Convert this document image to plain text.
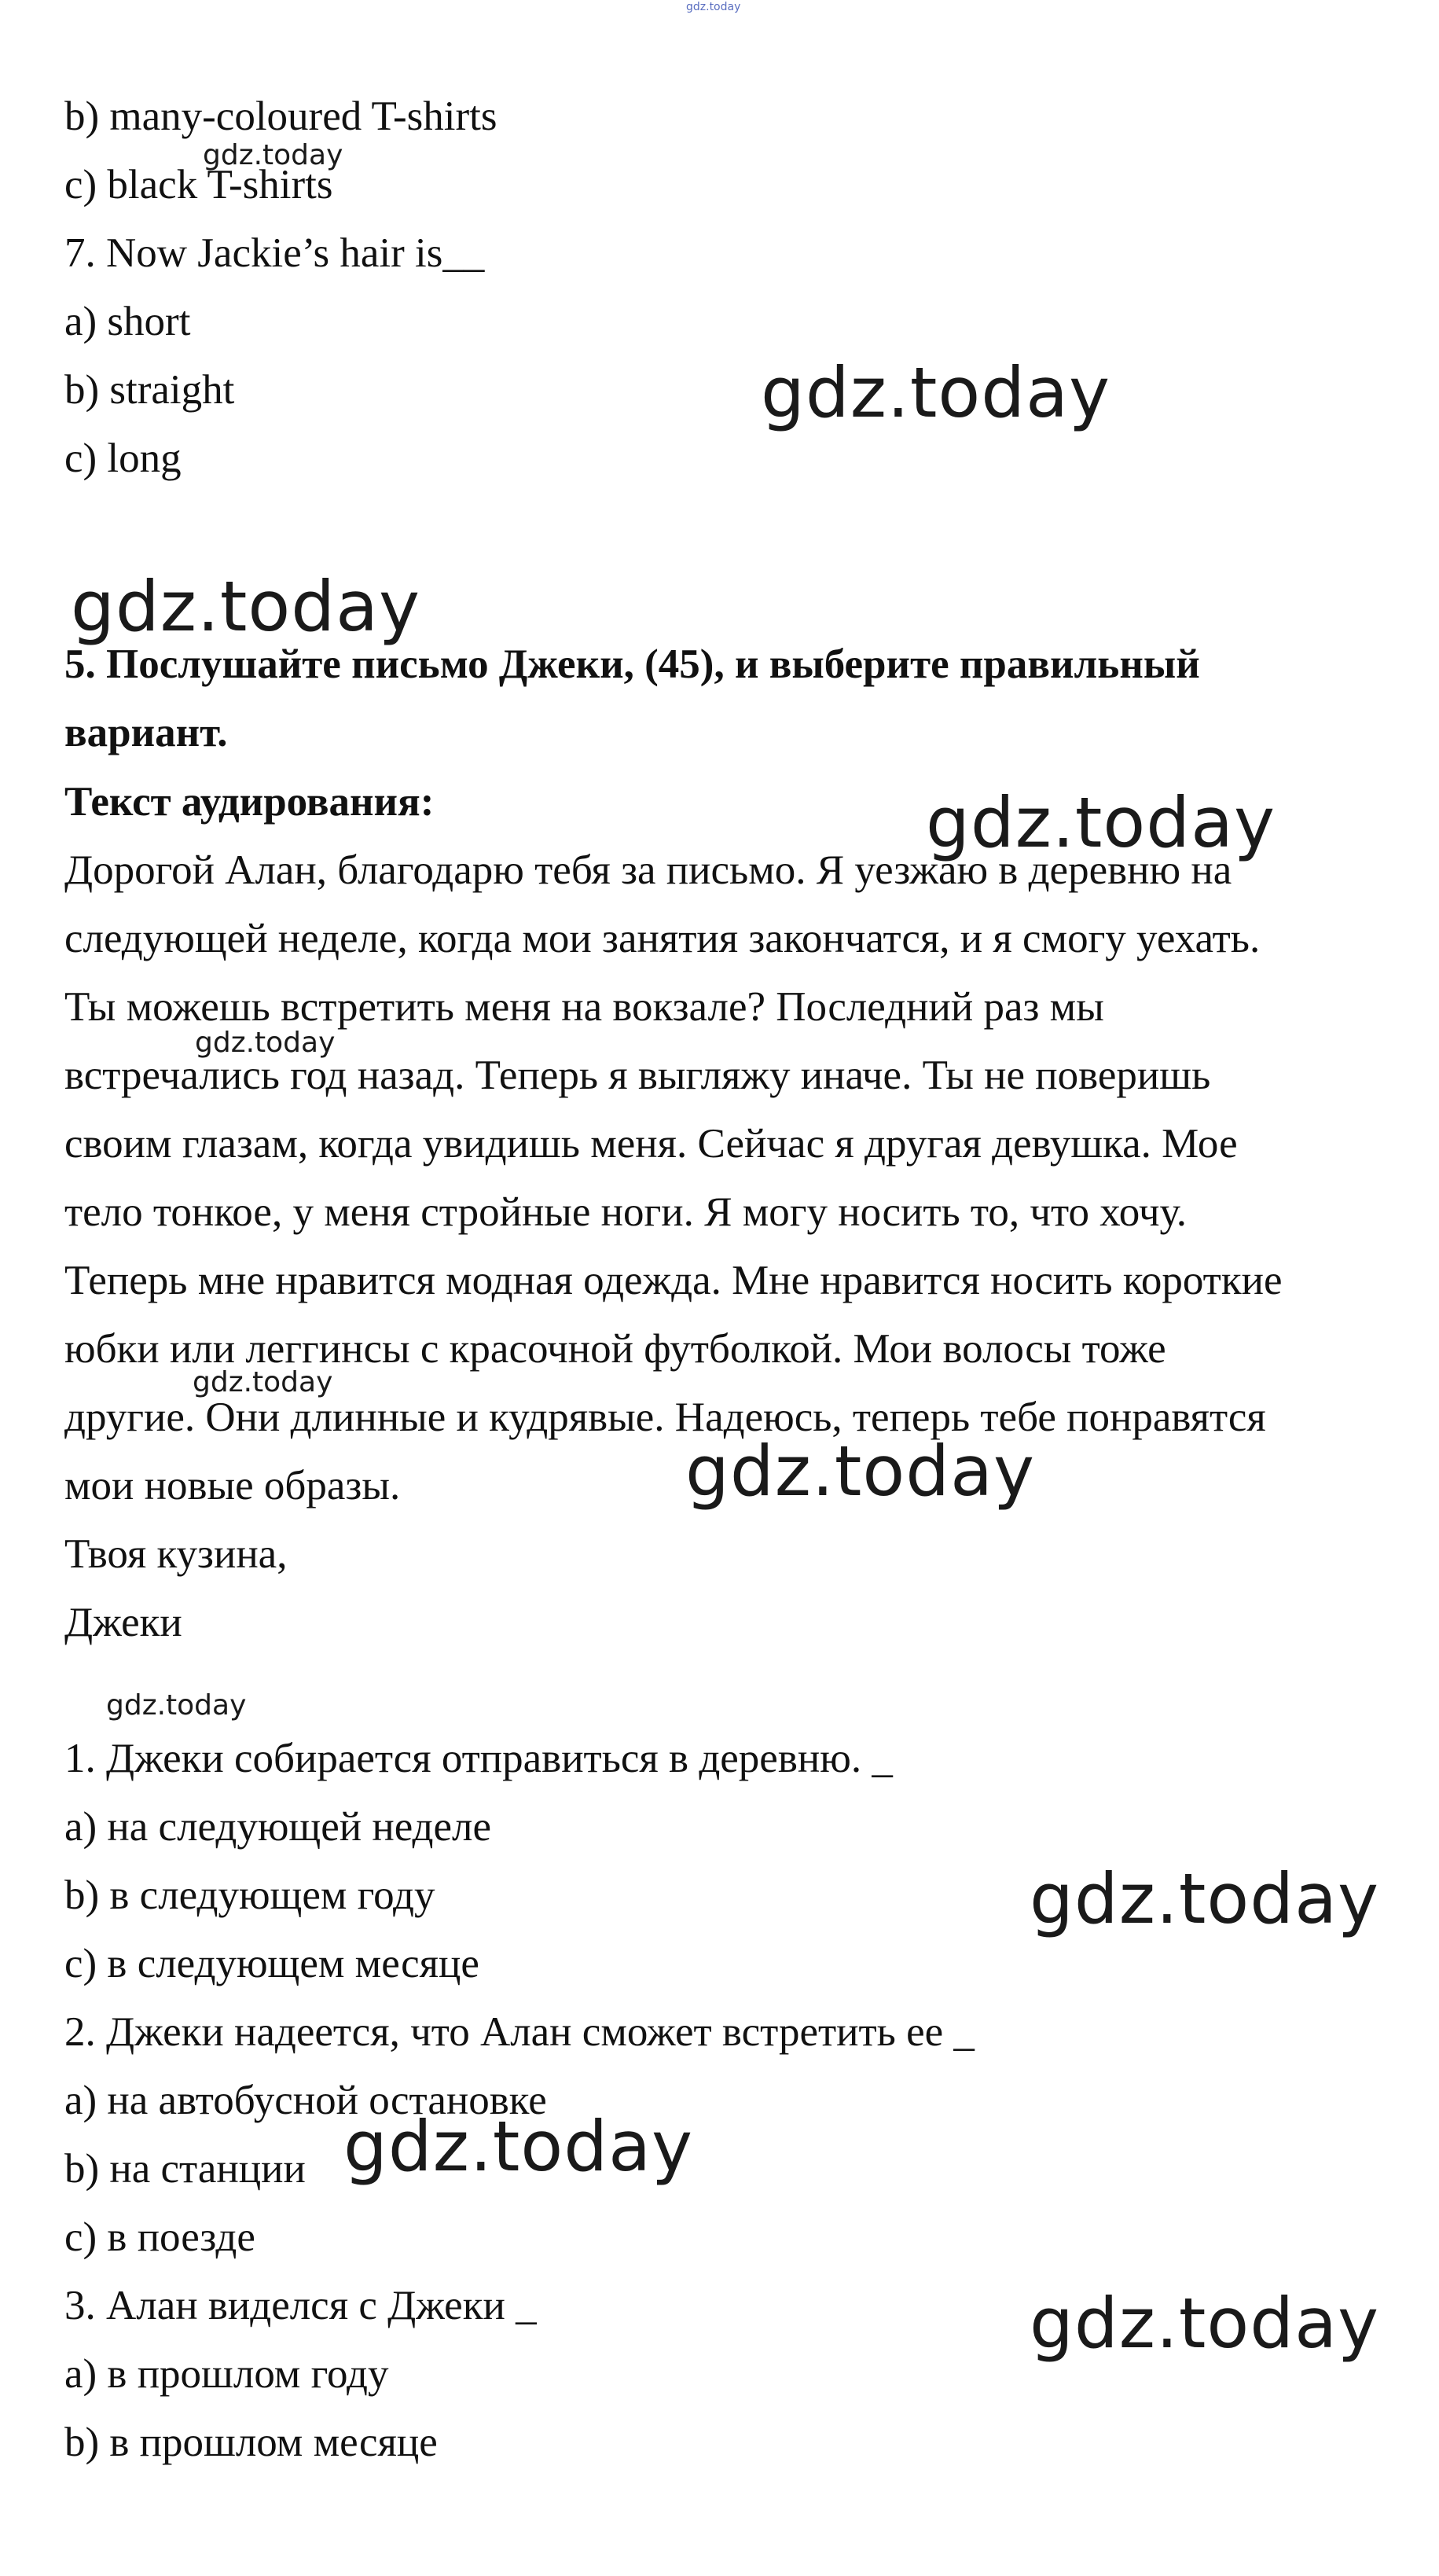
gdz.today
b) many-coloured T-shirts
c) black T-shirts
7. Now Jackie’s hair is__
a) short
b) straight
c) long
5. Послушайте письмо Джеки, (45), и выберите правильный
вариант.
Текст аудирования:
Дорогой Алан, благодарю тебя за письмо. Я уезжаю в деревню на
следующей неделе, когда мои занятия закончатся, и я смогу уехать.
Ты можешь встретить меня на вокзале? Последний раз мы
встречались год назад. Теперь я выгляжу иначе. Ты не поверишь
своим глазам, когда увидишь меня. Сейчас я другая девушка. Мое
тело тонкое, у меня стройные ноги. Я могу носить то, что хочу.
Теперь мне нравится модная одежда. Мне нравится носить короткие
юбки или леггинсы с красочной футболкой. Мои волосы тоже
другие. Они длинные и кудрявые. Надеюсь, теперь тебе понравятся
мои новые образы.
Твоя кузина,
Джеки
1. Джеки собирается отправиться в деревню. _
a) на следующей неделе
b) в следующем году
c) в следующем месяце
2. Джеки надеется, что Алан сможет встретить ее _
a) на автобусной остановке
b) на станции
c) в поезде
3. Алан виделся с Джеки _
a) в прошлом году
b) в прошлом месяце
gdz.today
gdz.today
gdz.today
gdz.today
gdz.today
gdz.today
gdz.today
gdz.today
gdz.today
gdz.today
gdz.today
